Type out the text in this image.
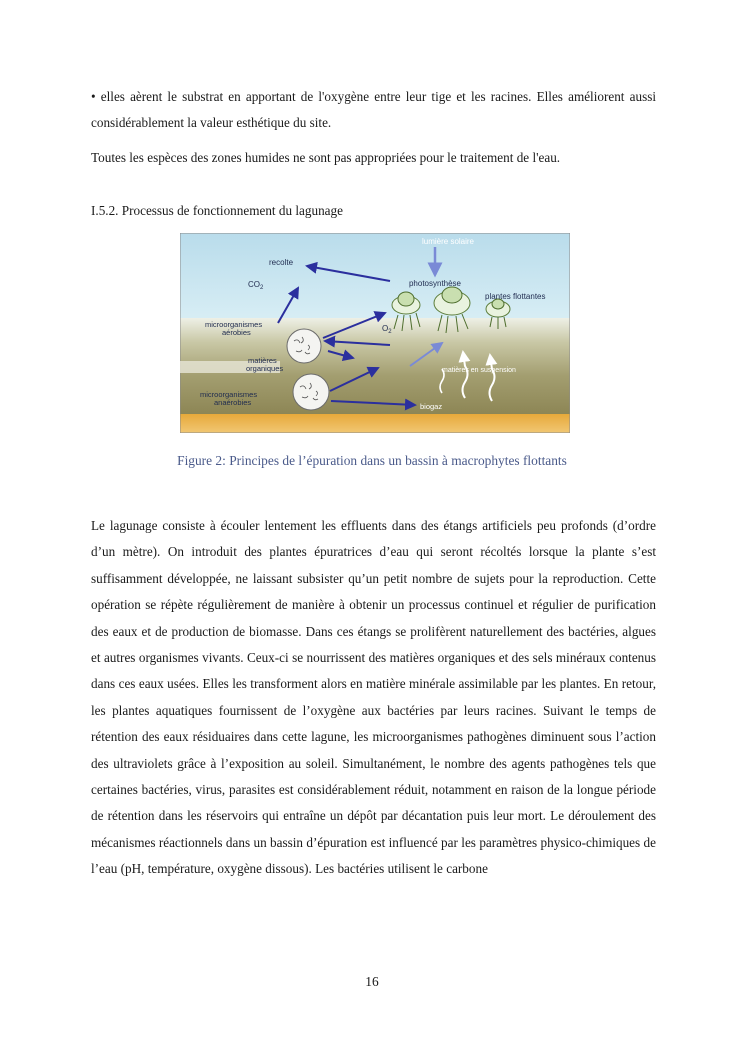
• elles aèrent le substrat en apportant de l'oxygène entre leur tige et les racines. Elles améliorent aussi considérablement la valeur esthétique du site.

Toutes les espèces des zones humides ne sont pas appropriées pour le traitement de l'eau.

I.5.2. Processus de fonctionnement du lagunage
lumière solaire
recolte
$CO_2$	photosynthèse
plantes flottantes
microorganismes
aérobies	$O_2$
matières
organiques	matières en suspension
microorganismes
anaérobies	biogaz
Figure 2: Principes de l’épuration dans un bassin à macrophytes flottants

Le lagunage consiste à écouler lentement les effluents dans des étangs artificiels peu profonds (d’ordre d’un mètre). On introduit des plantes épuratrices d’eau qui seront récoltés lorsque la plante s’est suffisamment développée, ne laissant subsister qu’un petit nombre de sujets pour la reproduction. Cette opération se répète régulièrement de manière à obtenir un processus continuel et régulier de purification des eaux et de production de biomasse. Dans ces étangs se prolifèrent naturellement des bactéries, algues et autres organismes vivants. Ceux-ci se nourrissent des matières organiques et des sels minéraux contenus dans ces eaux usées. Elles les transforment alors en matière minérale assimilable par les plantes. En retour, les plantes aquatiques fournissent de l’oxygène aux bactéries par leurs racines. Suivant le temps de rétention des eaux résiduaires dans cette lagune, les microorganismes pathogènes diminuent sous l’action des ultraviolets grâce à l’exposition au soleil. Simultanément, le nombre des agents pathogènes tels que certaines bactéries, virus, parasites est considérablement réduit, notamment en raison de la longue période de rétention dans les réservoirs qui entraîne un dépôt par décantation puis leur mort. Le déroulement des mécanismes réactionnels dans un bassin d’épuration est influencé par les paramètres physico-chimiques de l’eau (pH, température, oxygène dissous). Les bactéries utilisent le carbone

16
